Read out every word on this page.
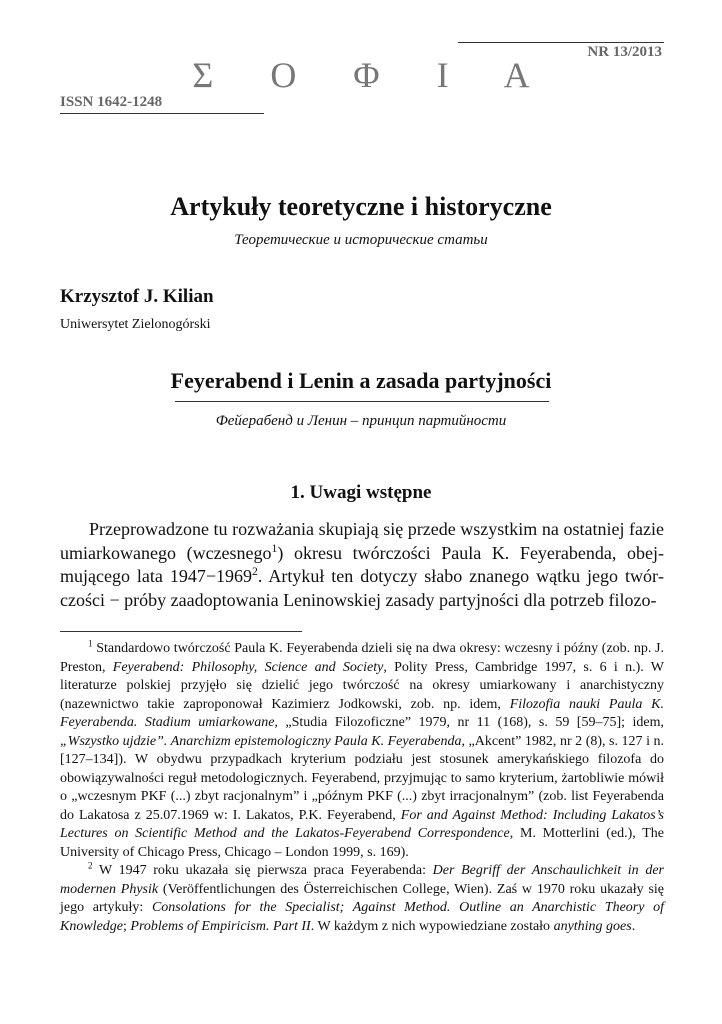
NR 13/2013
Σ Ο Φ Ι Α
ISSN 1642-1248
Artykuły teoretyczne i historyczne
Теоретические и исторические статьи
Krzysztof J. Kilian
Uniwersytet Zielonogórski
Feyerabend i Lenin a zasada partyjności
Фейерабенд и Ленин – принцип партийности
1. Uwagi wstępne
Przeprowadzone tu rozważania skupiają się przede wszystkim na ostatniej fazie umiarkowanego (wczesnego$^1$) okresu twórczości Paula K. Feyerabenda, obejmującego lata $1947-1969^2$. Artykuł ten dotyczy słabo znanego wątku jego twórczości − próby zaadoptowania Leninowskiej zasady partyjności dla potrzeb filozo-

$^1$ Standardowo twórczość Paula K. Feyerabenda dzieli się na dwa okresy: wczesny i późny (zob. np. J. Preston, Feyerabend: Philosophy, Science and Society, Polity Press, Cambridge 1997, s. 6 i n.). W literaturze polskiej przyjęło się dzielić jego twórczość na okresy umiarkowany i anarchistyczny (nazewnictwo takie zaproponował Kazimierz Jodkowski, zob. np. idem, Filozofia nauki Paula K. Feyerabenda. Stadium umiarkowane, „Studia Filozoficzne” 1979, nr 11 (168), s. 59 [59–75]; idem, „Wszystko ujdzie”. Anarchizm epistemologiczny Paula K. Feyerabenda, „Akcent” 1982, nr 2 (8), s. 127 i n. [127–134]). W obydwu przypadkach kryterium podziału jest stosunek amerykańskiego filozofa do obowiązywalności reguł metodologicznych. Feyerabend, przyjmując to samo kryterium, żartobliwie mówił o „wczesnym PKF (...) zbyt racjonalnym” i „późnym PKF (...) zbyt irracjonalnym” (zob. list Feyerabenda do Lakatosa z 25.07.1969 w: I. Lakatos, P.K. Feyerabend, For and Against Method: Including Lakatos’s Lectures on Scientific Method and the Lakatos-Feyerabend Correspondence, M. Motterlini (ed.), The University of Chicago Press, Chicago – London 1999, s. 169).

$^2$ W 1947 roku ukazała się pierwsza praca Feyerabenda: Der Begriff der Anschaulichkeit in der modernen Physik (Veröffentlichungen des Österreichischen College, Wien). Zaś w 1970 roku ukazały się jego artykuły: Consolations for the Specialist; Against Method. Outline an Anarchistic Theory of Knowledge; Problems of Empiricism. Part II. W każdym z nich wypowiedziane zostało anything goes.
